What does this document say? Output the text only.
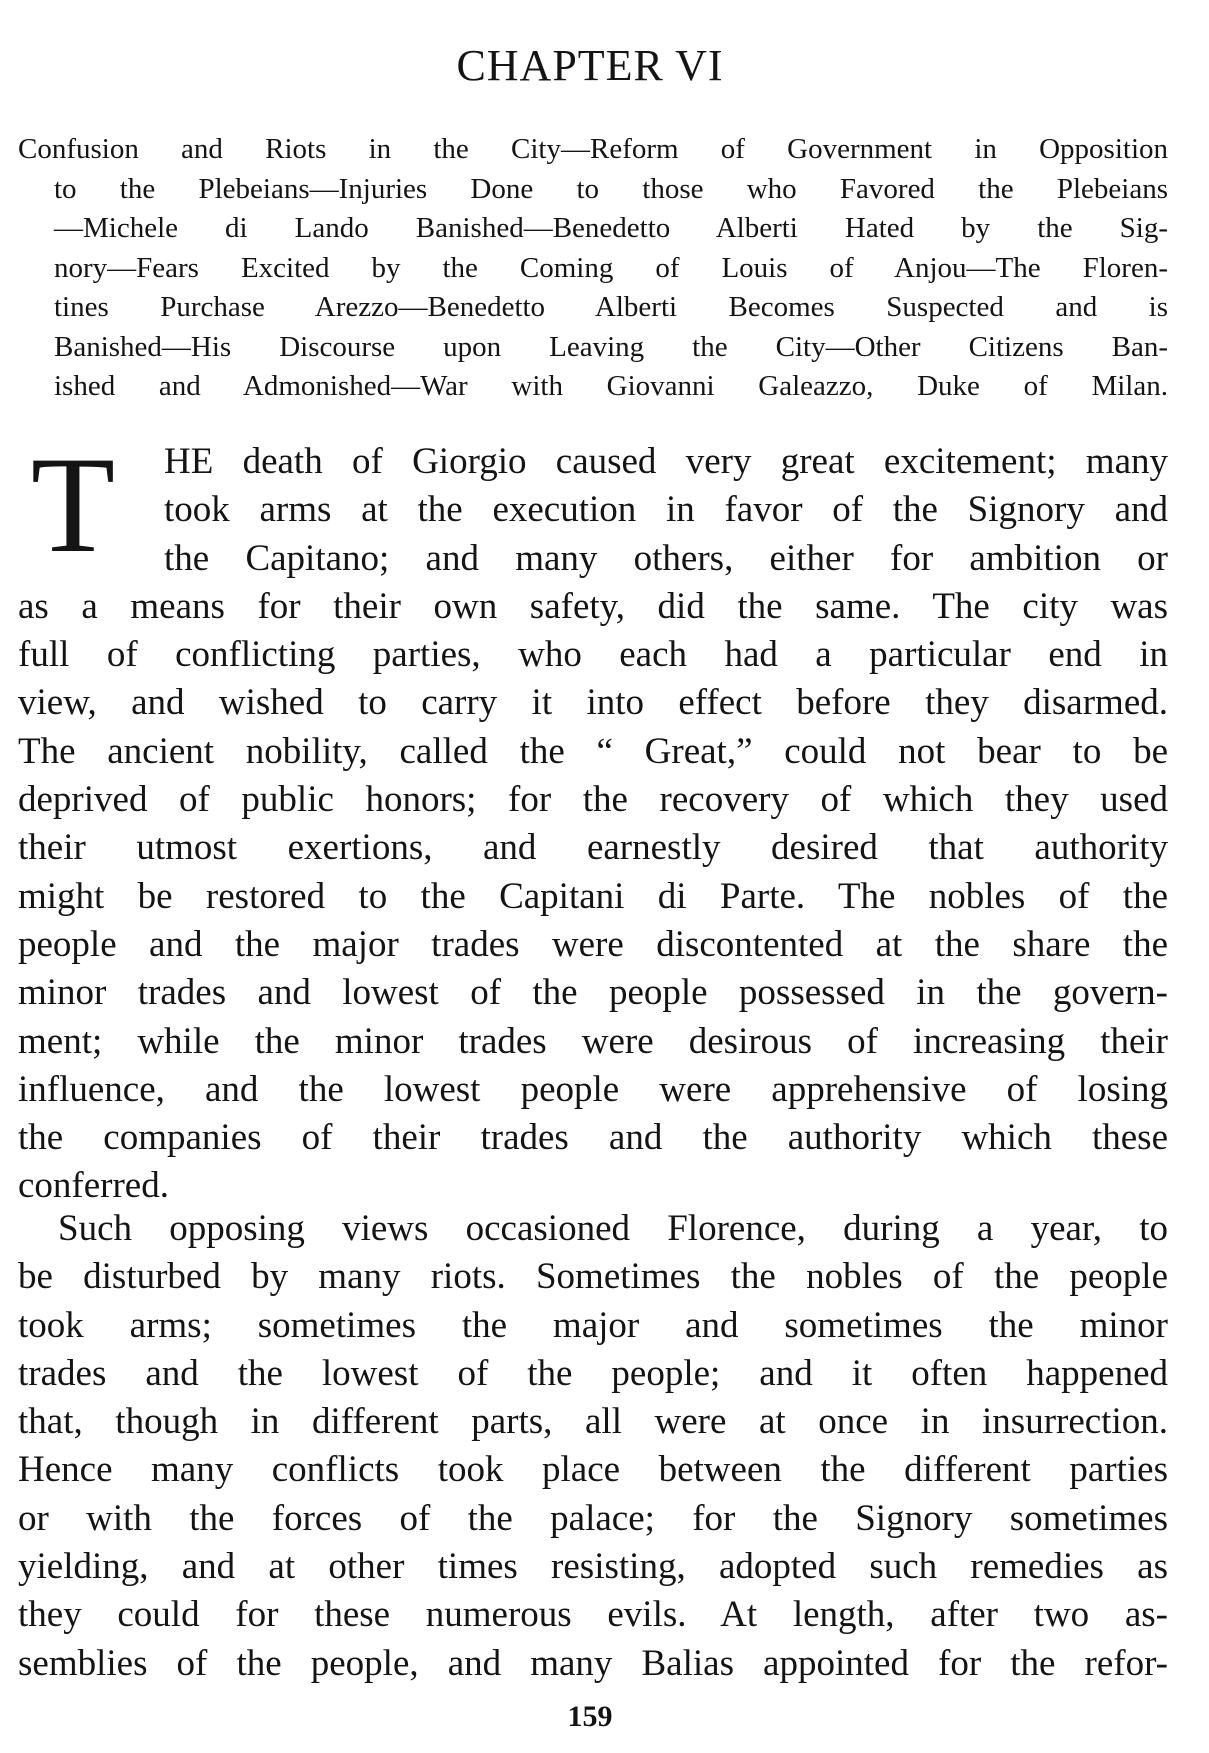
CHAPTER VI
Confusion and Riots in the City—Reform of Government in Opposition
to the Plebeians—Injuries Done to those who Favored the Plebeians
—Michele di Lando Banished—Benedetto Alberti Hated by the Sig-
nory—Fears Excited by the Coming of Louis of Anjou—The Floren-
tines Purchase Arezzo—Benedetto Alberti Becomes Suspected and is
Banished—His Discourse upon Leaving the City—Other Citizens Ban-
ished and Admonished—War with Giovanni Galeazzo, Duke of Milan.
T	HE death of Giorgio caused very great excitement; many
took arms at the execution in favor of the Signory and
the Capitano; and many others, either for ambition or
as a means for their own safety, did the same. The city was
full of conflicting parties, who each had a particular end in
view, and wished to carry it into effect before they disarmed.
The ancient nobility, called the “ Great,” could not bear to be
deprived of public honors; for the recovery of which they used
their utmost exertions, and earnestly desired that authority
might be restored to the Capitani di Parte. The nobles of the
people and the major trades were discontented at the share the
minor trades and lowest of the people possessed in the govern-
ment; while the minor trades were desirous of increasing their
influence, and the lowest people were apprehensive of losing
the companies of their trades and the authority which these
conferred.
Such opposing views occasioned Florence, during a year, to
be disturbed by many riots. Sometimes the nobles of the people
took arms; sometimes the major and sometimes the minor
trades and the lowest of the people; and it often happened
that, though in different parts, all were at once in insurrection.
Hence many conflicts took place between the different parties
or with the forces of the palace; for the Signory sometimes
yielding, and at other times resisting, adopted such remedies as
they could for these numerous evils. At length, after two as-
semblies of the people, and many Balias appointed for the refor-
159
